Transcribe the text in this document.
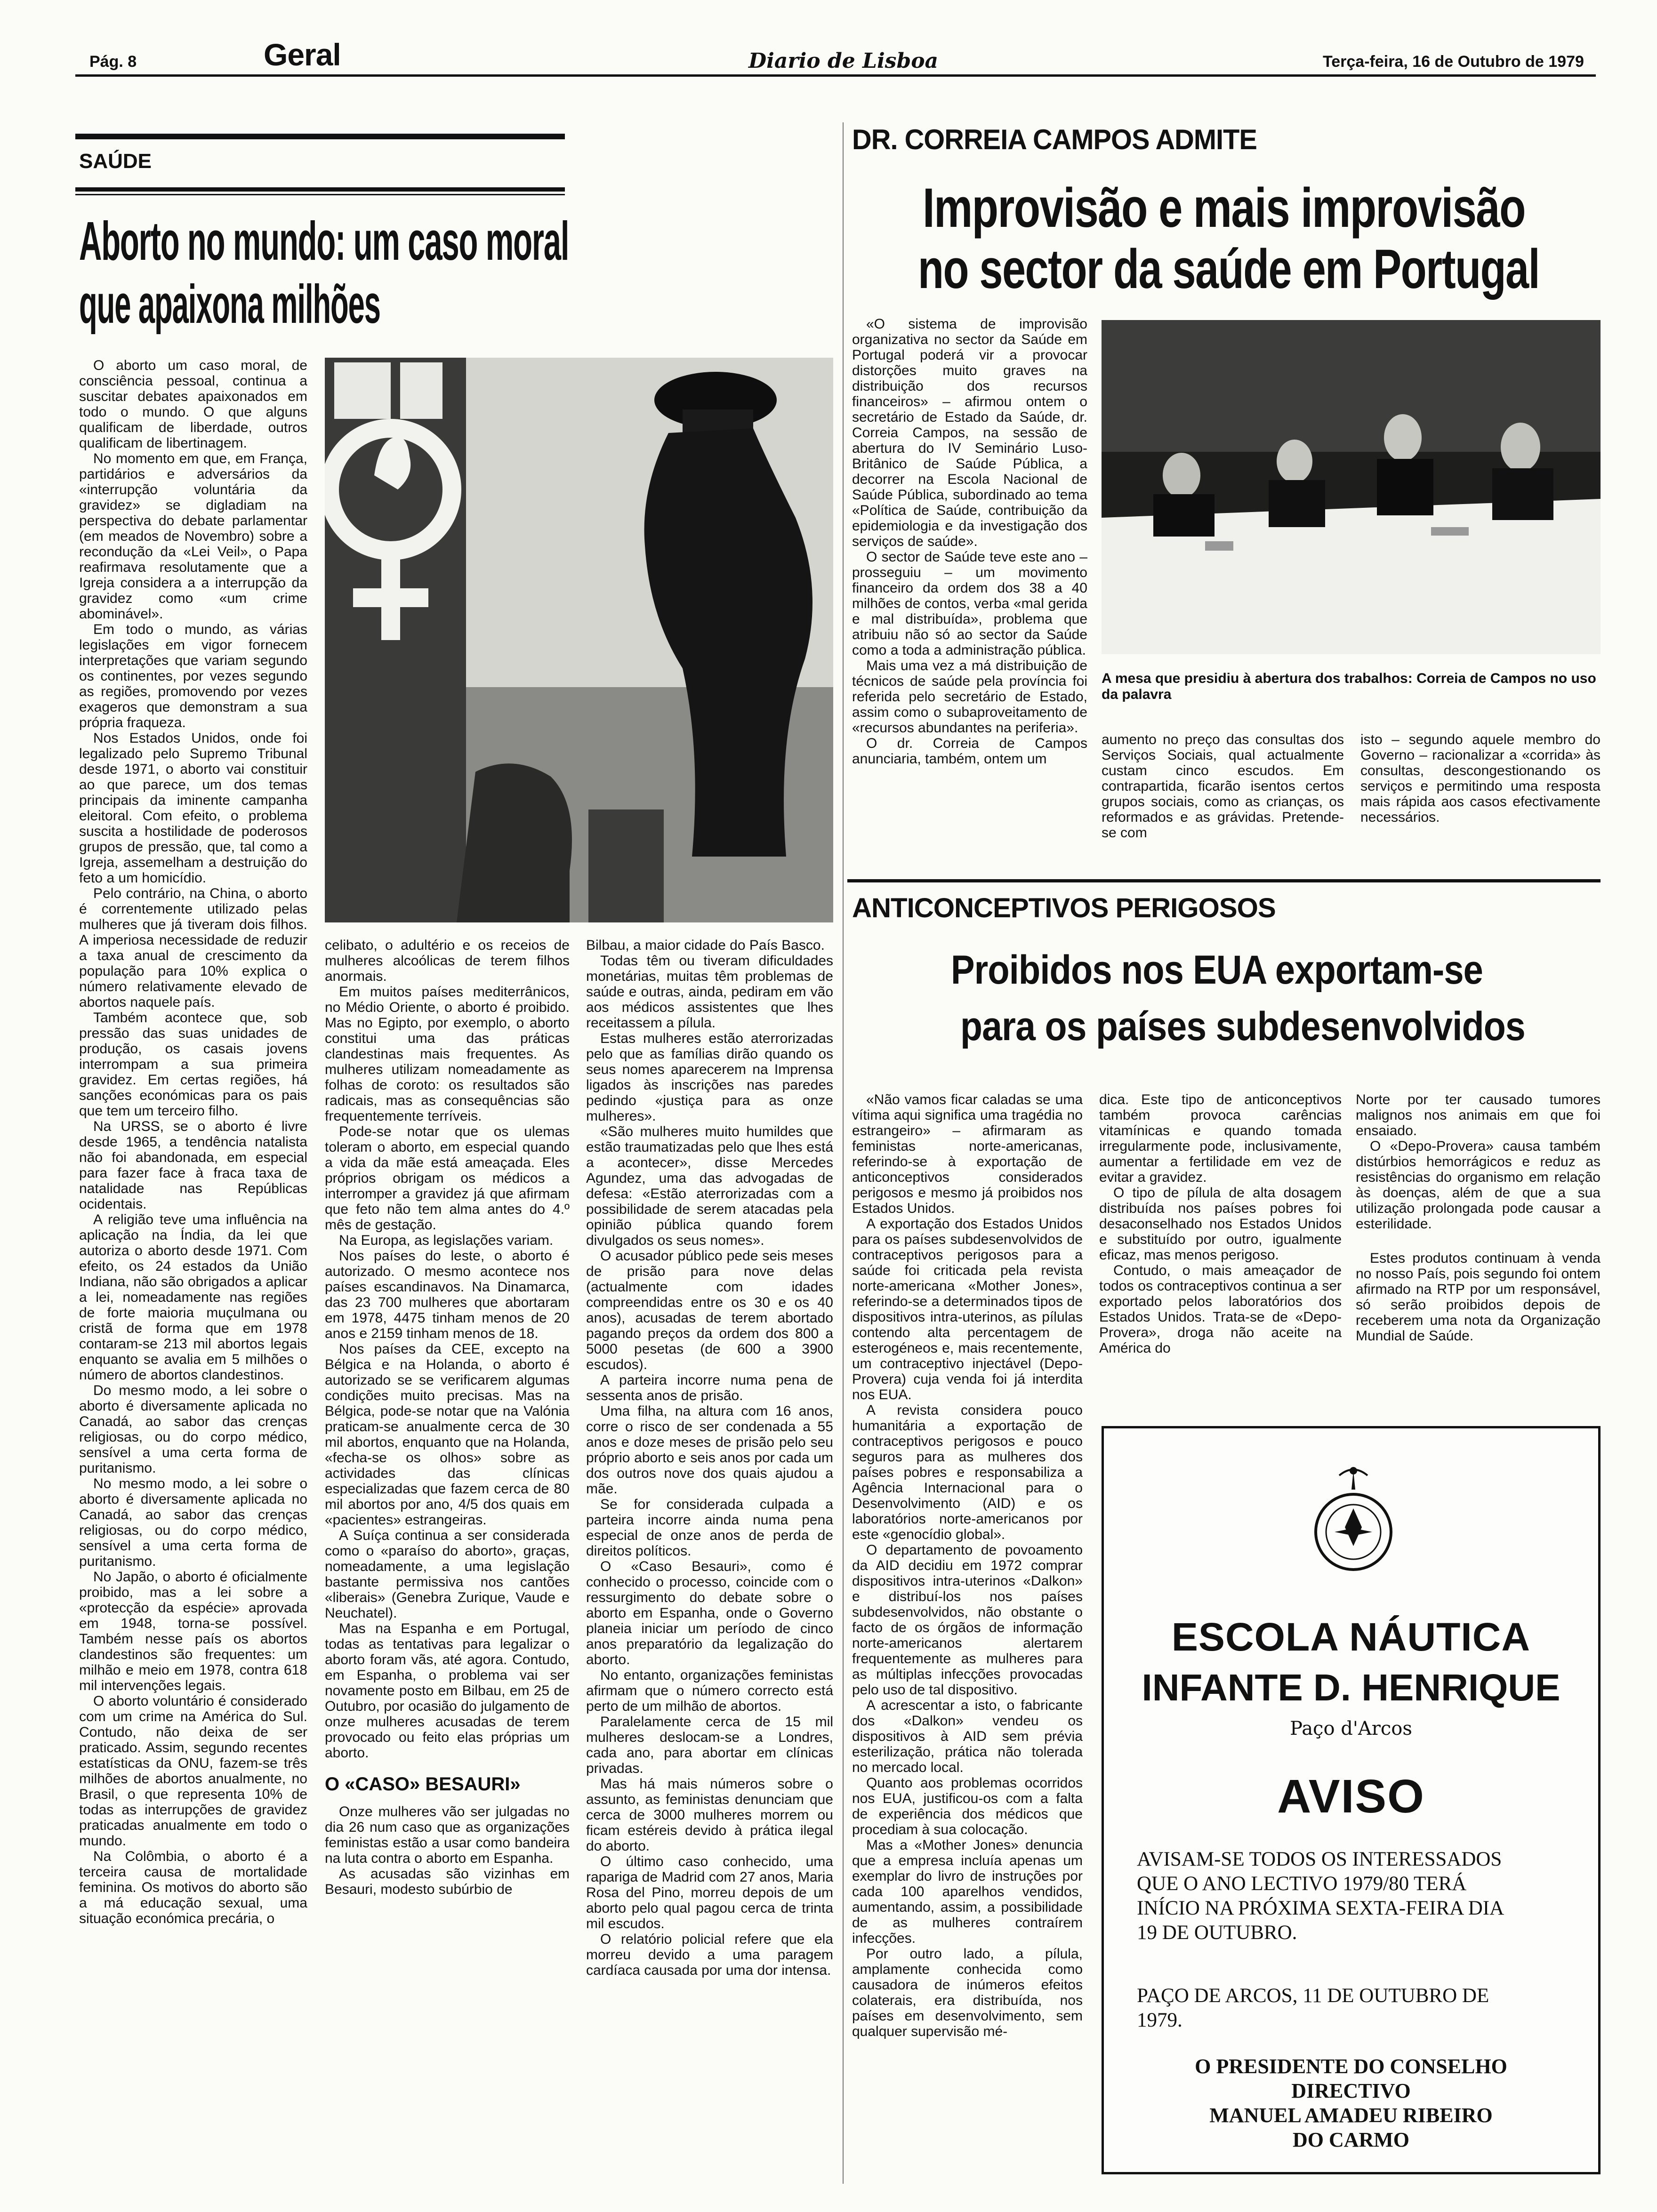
Pág. 8	Geral	Diario de Lisboa	Terça-feira, 16 de Outubro de 1979
SAÚDE
Aborto no mundo: um caso moral
que apaixona milhões

O aborto um caso moral, de consciência pessoal, continua a suscitar debates apaixonados em todo o mundo. O que alguns qualificam de liberdade, outros qualificam de libertinagem.

No momento em que, em França, partidários e adversários da «interrupção voluntária da gravidez» se digladiam na perspectiva do debate parlamentar (em meados de Novembro) sobre a recondução da «Lei Veil», o Papa reafirmava resolutamente que a Igreja considera a a interrupção da gravidez como «um crime abominável».

Em todo o mundo, as várias legislações em vigor fornecem interpretações que variam segundo os continentes, por vezes segundo as regiões, promovendo por vezes exageros que demonstram a sua própria fraqueza.

Nos Estados Unidos, onde foi legalizado pelo Supremo Tribunal desde 1971, o aborto vai constituir ao que parece, um dos temas principais da iminente campanha eleitoral. Com efeito, o problema suscita a hostilidade de poderosos grupos de pressão, que, tal como a Igreja, assemelham a destruição do feto a um homicídio.

Pelo contrário, na China, o aborto é correntemente utilizado pelas mulheres que já tiveram dois filhos. A imperiosa necessidade de reduzir a taxa anual de crescimento da população para 10% explica o número relativamente elevado de abortos naquele país.

Também acontece que, sob pressão das suas unidades de produção, os casais jovens interrompam a sua primeira gravidez. Em certas regiões, há sanções económicas para os pais que tem um terceiro filho.

Na URSS, se o aborto é livre desde 1965, a tendência natalista não foi abandonada, em especial para fazer face à fraca taxa de natalidade nas Repúblicas ocidentais.

A religião teve uma influência na aplicação na Índia, da lei que autoriza o aborto desde 1971. Com efeito, os 24 estados da União Indiana, não são obrigados a aplicar a lei, nomeadamente nas regiões de forte maioria muçulmana ou cristã de forma que em 1978 contaram-se 213 mil abortos legais enquanto se avalia em 5 milhões o número de abortos clandestinos.

Do mesmo modo, a lei sobre o aborto é diversamente aplicada no Canadá, ao sabor das crenças religiosas, ou do corpo médico, sensível a uma certa forma de puritanismo.

No mesmo modo, a lei sobre o aborto é diversamente aplicada no Canadá, ao sabor das crenças religiosas, ou do corpo médico, sensível a uma certa forma de puritanismo.

No Japão, o aborto é oficialmente proibido, mas a lei sobre a «protecção da espécie» aprovada em 1948, torna-se possível. Também nesse país os abortos clandestinos são frequentes: um milhão e meio em 1978, contra 618 mil intervenções legais.

O aborto voluntário é considerado com um crime na América do Sul. Contudo, não deixa de ser praticado. Assim, segundo recentes estatísticas da ONU, fazem-se três milhões de abortos anualmente, no Brasil, o que representa 10% de todas as interrupções de gravidez praticadas anualmente em todo o mundo.

Na Colômbia, o aborto é a terceira causa de mortalidade feminina. Os motivos do aborto são a má educação sexual, uma situação económica precária, o

celibato, o adultério e os receios de mulheres alcoólicas de terem filhos anormais.

Em muitos países mediterrânicos, no Médio Oriente, o aborto é proibido. Mas no Egipto, por exemplo, o aborto constitui uma das práticas clandestinas mais frequentes. As mulheres utilizam nomeadamente as folhas de coroto: os resultados são radicais, mas as consequências são frequentemente terríveis.

Pode-se notar que os ulemas toleram o aborto, em especial quando a vida da mãe está ameaçada. Eles próprios obrigam os médicos a interromper a gravidez já que afirmam que feto não tem alma antes do 4.º mês de gestação.

Na Europa, as legislações variam.

Nos países do leste, o aborto é autorizado. O mesmo acontece nos países escandinavos. Na Dinamarca, das 23 700 mulheres que abortaram em 1978, 4475 tinham menos de 20 anos e 2159 tinham menos de 18.

Nos países da CEE, excepto na Bélgica e na Holanda, o aborto é autorizado se se verificarem algumas condições muito precisas. Mas na Bélgica, pode-se notar que na Valónia praticam-se anualmente cerca de 30 mil abortos, enquanto que na Holanda, «fecha-se os olhos» sobre as actividades das clínicas especializadas que fazem cerca de 80 mil abortos por ano, 4/5 dos quais em «pacientes» estrangeiras.

A Suíça continua a ser considerada como o «paraíso do aborto», graças, nomeadamente, a uma legislação bastante permissiva nos cantões «liberais» (Genebra Zurique, Vaude e Neuchatel).

Mas na Espanha e em Portugal, todas as tentativas para legalizar o aborto foram vãs, até agora. Contudo, em Espanha, o problema vai ser novamente posto em Bilbau, em 25 de Outubro, por ocasião do julgamento de onze mulheres acusadas de terem provocado ou feito elas próprias um aborto.

O «CASO» BESAURI»

Onze mulheres vão ser julgadas no dia 26 num caso que as organizações feministas estão a usar como bandeira na luta contra o aborto em Espanha.

As acusadas são vizinhas em Besauri, modesto subúrbio de

Bilbau, a maior cidade do País Basco.

Todas têm ou tiveram dificuldades monetárias, muitas têm problemas de saúde e outras, ainda, pediram em vão aos médicos assistentes que lhes receitassem a pílula.

Estas mulheres estão aterrorizadas pelo que as famílias dirão quando os seus nomes aparecerem na Imprensa ligados às inscrições nas paredes pedindo «justiça para as onze mulheres».

«São mulheres muito humildes que estão traumatizadas pelo que lhes está a acontecer», disse Mercedes Agundez, uma das advogadas de defesa: «Estão aterrorizadas com a possibilidade de serem atacadas pela opinião pública quando forem divulgados os seus nomes».

O acusador público pede seis meses de prisão para nove delas (actualmente com idades compreendidas entre os 30 e os 40 anos), acusadas de terem abortado pagando preços da ordem dos 800 a 5000 pesetas (de 600 a 3900 escudos).

A parteira incorre numa pena de sessenta anos de prisão.

Uma filha, na altura com 16 anos, corre o risco de ser condenada a 55 anos e doze meses de prisão pelo seu próprio aborto e seis anos por cada um dos outros nove dos quais ajudou a mãe.

Se for considerada culpada a parteira incorre ainda numa pena especial de onze anos de perda de direitos políticos.

O «Caso Besauri», como é conhecido o processo, coincide com o ressurgimento do debate sobre o aborto em Espanha, onde o Governo planeia iniciar um período de cinco anos preparatório da legalização do aborto.

No entanto, organizações feministas afirmam que o número correcto está perto de um milhão de abortos.

Paralelamente cerca de 15 mil mulheres deslocam-se a Londres, cada ano, para abortar em clínicas privadas.

Mas há mais números sobre o assunto, as feministas denunciam que cerca de 3000 mulheres morrem ou ficam estéreis devido à prática ilegal do aborto.

O último caso conhecido, uma rapariga de Madrid com 27 anos, Maria Rosa del Pino, morreu depois de um aborto pelo qual pagou cerca de trinta mil escudos.

O relatório policial refere que ela morreu devido a uma paragem cardíaca causada por uma dor intensa.

DR. CORREIA CAMPOS ADMITE
Improvisão e mais improvisão
no sector da saúde em Portugal

«O sistema de improvisão organizativa no sector da Saúde em Portugal poderá vir a provocar distorções muito graves na distribuição dos recursos financeiros» – afirmou ontem o secretário de Estado da Saúde, dr. Correia Campos, na sessão de abertura do IV Seminário Luso-Britânico de Saúde Pública, a decorrer na Escola Nacional de Saúde Pública, subordinado ao tema «Política de Saúde, contribuição da epidemiologia e da investigação dos serviços de saúde».

O sector de Saúde teve este ano – prosseguiu – um movimento financeiro da ordem dos 38 a 40 milhões de contos, verba «mal gerida e mal distribuída», problema que atribuiu não só ao sector da Saúde como a toda a administração pública.

Mais uma vez a má distribuição de técnicos de saúde pela província foi referida pelo secretário de Estado, assim como o subaproveitamento de «recursos abundantes na periferia».

O dr. Correia de Campos anunciaria, também, ontem um

A mesa que presidiu à abertura dos trabalhos: Correia de Campos no uso da palavra

aumento no preço das consultas dos Serviços Sociais, qual actualmente custam cinco escudos. Em contrapartida, ficarão isentos certos grupos sociais, como as crianças, os reformados e as grávidas. Pretende-se com

isto – segundo aquele membro do Governo – racionalizar a «corrida» às consultas, descongestionando os serviços e permitindo uma resposta mais rápida aos casos efectivamente necessários.

ANTICONCEPTIVOS PERIGOSOS
Proibidos nos EUA exportam-se
para os países subdesenvolvidos

«Não vamos ficar caladas se uma vítima aqui significa uma tragédia no estrangeiro» – afirmaram as feministas norte-americanas, referindo-se à exportação de anticonceptivos considerados perigosos e mesmo já proibidos nos Estados Unidos.

A exportação dos Estados Unidos para os países subdesenvolvidos de contraceptivos perigosos para a saúde foi criticada pela revista norte-americana «Mother Jones», referindo-se a determinados tipos de dispositivos intra-uterinos, as pílulas contendo alta percentagem de esterogéneos e, mais recentemente, um contraceptivo injectável (Depo-Provera) cuja venda foi já interdita nos EUA.

A revista considera pouco humanitária a exportação de contraceptivos perigosos e pouco seguros para as mulheres dos países pobres e responsabiliza a Agência Internacional para o Desenvolvimento (AID) e os laboratórios norte-americanos por este «genocídio global».

O departamento de povoamento da AID decidiu em 1972 comprar dispositivos intra-uterinos «Dalkon» e distribuí-los nos países subdesenvolvidos, não obstante o facto de os órgãos de informação norte-americanos alertarem frequentemente as mulheres para as múltiplas infecções provocadas pelo uso de tal dispositivo.

A acrescentar a isto, o fabricante dos «Dalkon» vendeu os dispositivos à AID sem prévia esterilização, prática não tolerada no mercado local.

Quanto aos problemas ocorridos nos EUA, justificou-os com a falta de experiência dos médicos que procediam à sua colocação.

Mas a «Mother Jones» denuncia que a empresa incluía apenas um exemplar do livro de instruções por cada 100 aparelhos vendidos, aumentando, assim, a possibilidade de as mulheres contraírem infecções.

Por outro lado, a pílula, amplamente conhecida como causadora de inúmeros efeitos colaterais, era distribuída, nos países em desenvolvimento, sem qualquer supervisão mé-

dica. Este tipo de anticonceptivos também provoca carências vitamínicas e quando tomada irregularmente pode, inclusivamente, aumentar a fertilidade em vez de evitar a gravidez.

O tipo de pílula de alta dosagem distribuída nos países pobres foi desaconselhado nos Estados Unidos e substituído por outro, igualmente eficaz, mas menos perigoso.

Contudo, o mais ameaçador de todos os contraceptivos continua a ser exportado pelos laboratórios dos Estados Unidos. Trata-se de «Depo-Provera», droga não aceite na América do

Norte por ter causado tumores malignos nos animais em que foi ensaiado.

O «Depo-Provera» causa também distúrbios hemorrágicos e reduz as resistências do organismo em relação às doenças, além de que a sua utilização prolongada pode causar a esterilidade.

Estes produtos continuam à venda no nosso País, pois segundo foi ontem afirmado na RTP por um responsável, só serão proibidos depois de receberem uma nota da Organização Mundial de Saúde.

ESCOLA NÁUTICA
INFANTE D. HENRIQUE
Paço d'Arcos
AVISO
AVISAM-SE TODOS OS INTERESSADOS
QUE O ANO LECTIVO 1979/80 TERÁ
INÍCIO NA PRÓXIMA SEXTA-FEIRA DIA
19 DE OUTUBRO.
PAÇO DE ARCOS, 11 DE OUTUBRO DE
1979.
O PRESIDENTE DO CONSELHO
DIRECTIVO
MANUEL AMADEU RIBEIRO
DO CARMO
